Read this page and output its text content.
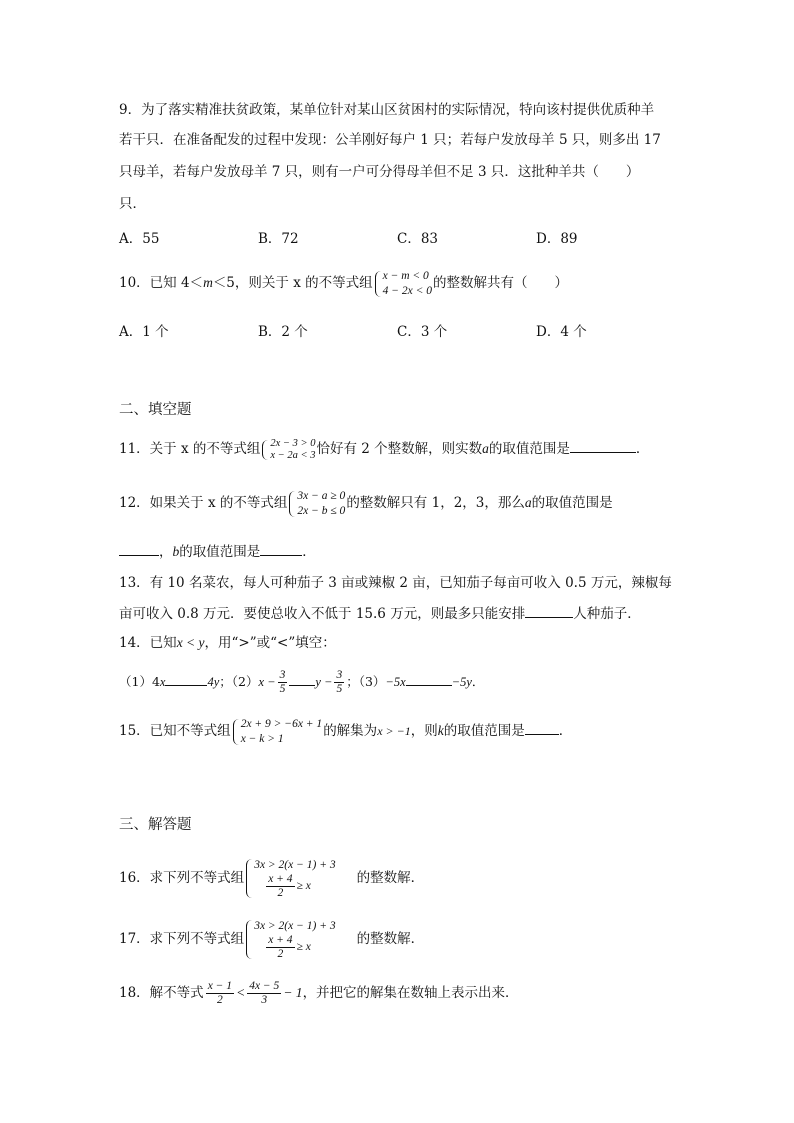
9．为了落实精准扶贫政策，某单位针对某山区贫困村的实际情况，特向该村提供优质种羊
若干只．在准备配发的过程中发现：公羊刚好每户 1 只；若每户发放母羊 5 只，则多出 17
只母羊，若每户发放母羊 7 只，则有一户可分得母羊但不足 3 只．这批种羊共（　　）
只．
A．55	B．72	C．83	D．89
10．已知 4＜m＜5，则关于 x 的不等式组 x − m < 0
4 − 2x < 0 的整数解共有（　　）
A．1 个	B．2 个	C．3 个	D．4 个
二、填空题
11．关于 x 的不等式组 2x − 3 > 0
x − 2a < 3 恰好有 2 个整数解，则实数a的取值范围是	．
12．如果关于 x 的不等式组 3x − a ≥ 0
2x − b ≤ 0 的整数解只有 1，2，3，那么a的取值范围是
，b的取值范围是	．
13．有 10 名菜农，每人可种茄子 3 亩或辣椒 2 亩，已知茄子每亩可收入 0.5 万元，辣椒每
亩可收入 0.8 万元．要使总收入不低于 15.6 万元，则最多只能安排	人种茄子．
14．已知x < y，用“>”或“<”填空：
（1）4x	4y；$(2)x - \frac{3}{5}$ $y - \frac{3}{5}$ ；（3）−5x	−5y．
15．已知不等式组 2x + 9 > −6x + 1
x − k > 1	的解集为x > −1，则k的取值范围是	．
三、解答题
16．求下列不等式组
3x > 2(x − 1) + 3
$\frac{x + 4}{2} \ge x$
的整数解．
17．求下列不等式组
3x > 2(x − 1) + 3
$\frac{x + 4}{2} \ge x$
的整数解．
18．解不等式 $\frac{x - 1}{2} < \frac{4x - 5}{3} - 1$，并把它的解集在数轴上表示出来．
